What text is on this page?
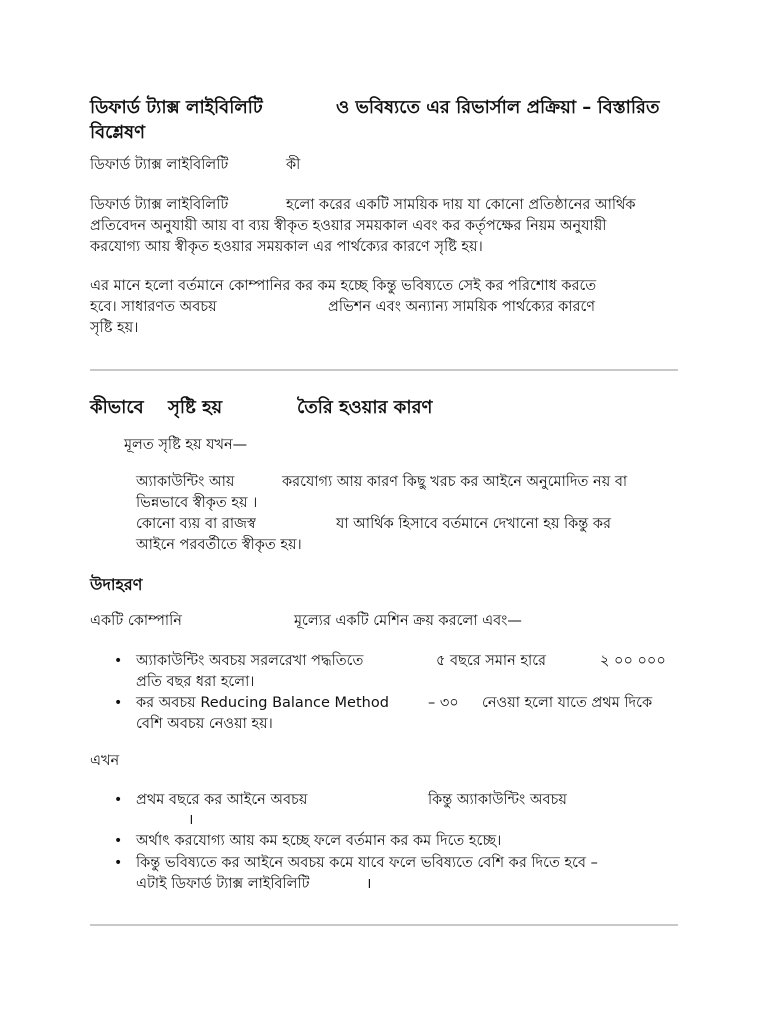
ডিফার্ড ট্যাক্স লাইবিলিটি	ও ভবিষ্যতে এর রিভার্সাল প্রক্রিয়া – বিস্তারিত
বিশ্লেষণ
ডিফার্ড ট্যাক্স লাইবিলিটি	কী
ডিফার্ড ট্যাক্স লাইবিলিটি	হলো করের একটি সাময়িক দায় যা কোনো প্রতিষ্ঠানের আর্থিক
প্রতিবেদন অনুযায়ী আয় বা ব্যয় স্বীকৃত হওয়ার সময়কাল এবং কর কর্তৃপক্ষের নিয়ম অনুযায়ী
করযোগ্য আয় স্বীকৃত হওয়ার সময়কাল এর পার্থক্যের কারণে সৃষ্টি হয়।
এর মানে হলো বর্তমানে কোম্পানির কর কম হচ্ছে কিন্তু ভবিষ্যতে সেই কর পরিশোধ করতে
হবে। সাধারণত অবচয়	প্রভিশন এবং অন্যান্য সাময়িক পার্থক্যের কারণে
সৃষ্টি হয়।
কীভাবে সৃষ্টি হয়	তৈরি হওয়ার কারণ
মূলত সৃষ্টি হয় যখন—
অ্যাকাউন্টিং আয়	করযোগ্য আয় কারণ কিছু খরচ কর আইনে অনুমোদিত নয় বা
ভিন্নভাবে স্বীকৃত হয় ।
কোনো ব্যয় বা রাজস্ব	যা আর্থিক হিসাবে বর্তমানে দেখানো হয় কিন্তু কর
আইনে পরবর্তীতে স্বীকৃত হয়।
উদাহরণ
একটি কোম্পানি	মূল্যের একটি মেশিন ক্রয় করলো এবং—
• অ্যাকাউন্টিং অবচয় সরলরেখা পদ্ধতিতে	৫ বছরে সমান হারে	২ ০০ ০০০
প্রতি বছর ধরা হলো।
• কর অবচয় Reducing Balance Method	– ৩০ নেওয়া হলো যাতে প্রথম দিকে
বেশি অবচয় নেওয়া হয়।
এখন
• প্রথম বছরে কর আইনে অবচয়	কিন্তু অ্যাকাউন্টিং অবচয়
।
• অর্থাৎ করযোগ্য আয় কম হচ্ছে ফলে বর্তমান কর কম দিতে হচ্ছে।
• কিন্তু ভবিষ্যতে কর আইনে অবচয় কমে যাবে ফলে ভবিষ্যতে বেশি কর দিতে হবে –
এটাই ডিফার্ড ট্যাক্স লাইবিলিটি	।
